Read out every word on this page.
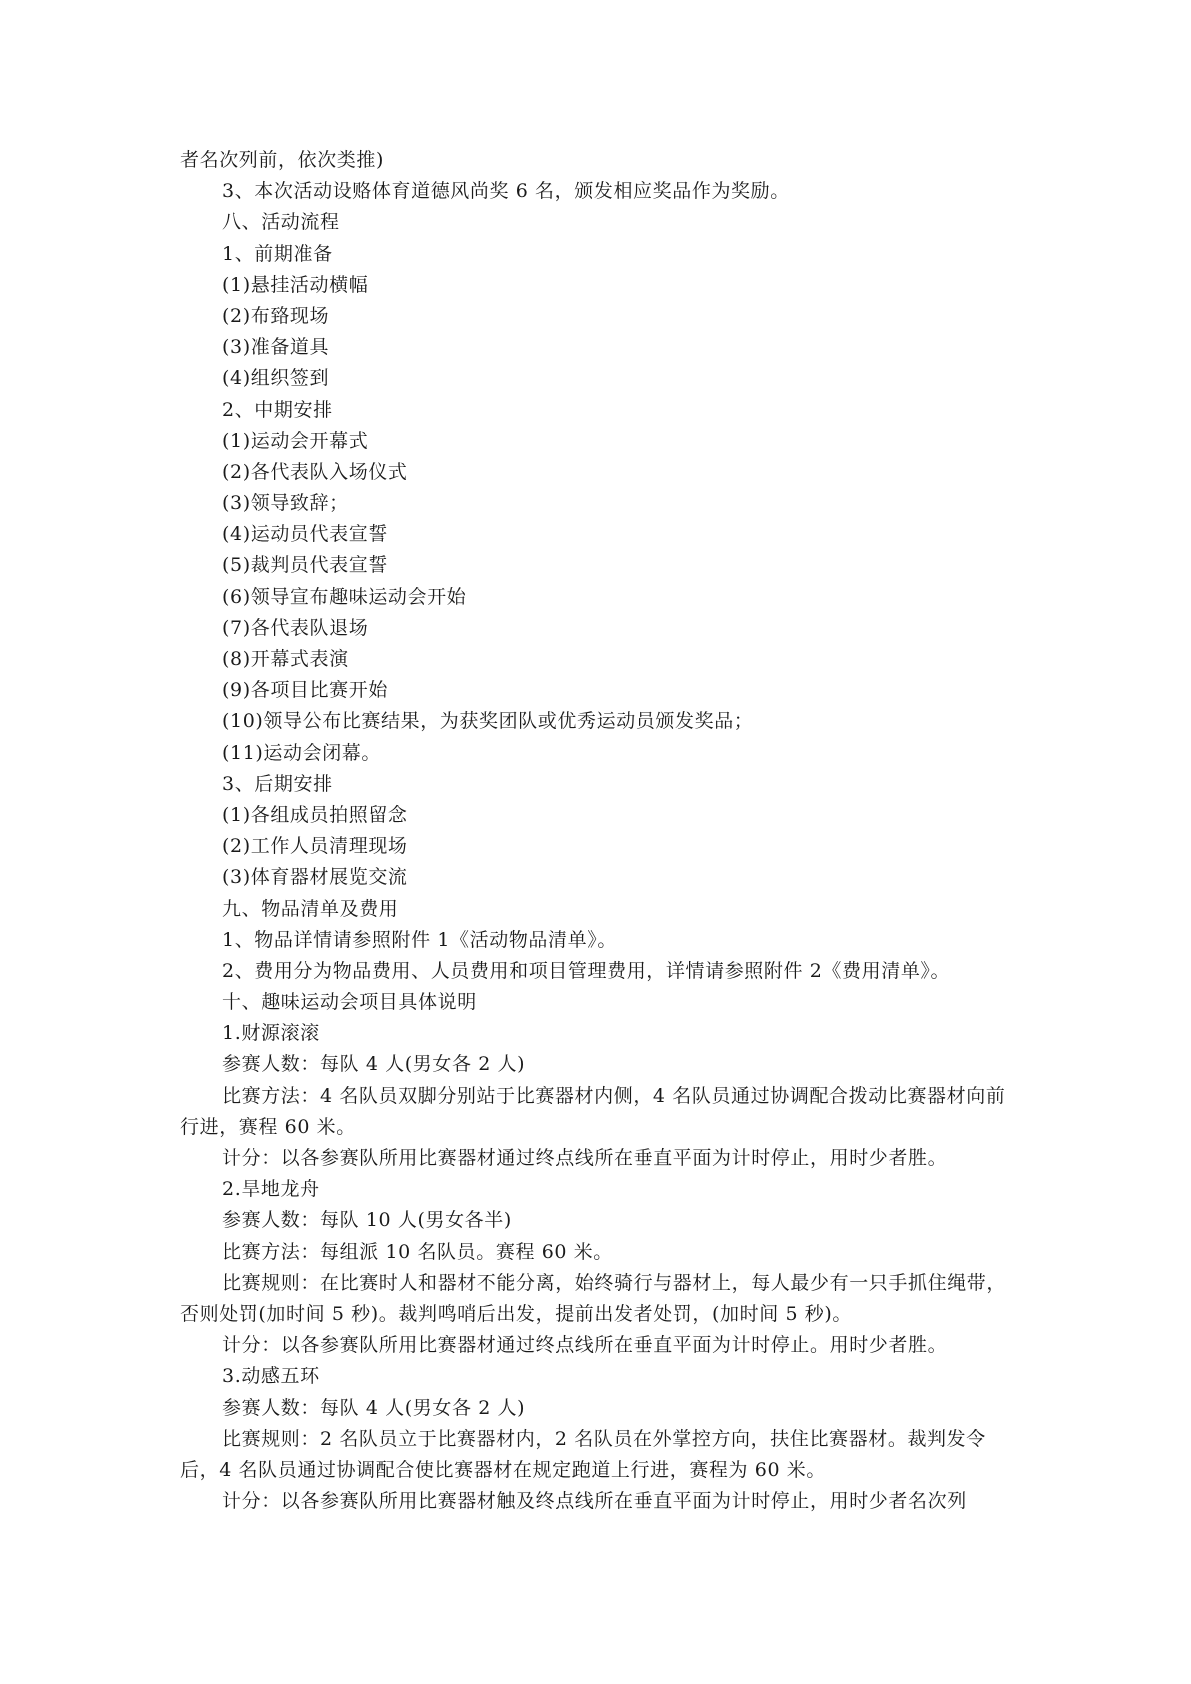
者名次列前，依次类推)
3、本次活动设赂体育道德风尚奖 6 名，颁发相应奖品作为奖励。
八、活动流程
1、前期准备
(1)悬挂活动横幅
(2)布臵现场
(3)准备道具
(4)组织签到
2、中期安排
(1)运动会开幕式
(2)各代表队入场仪式
(3)领导致辞；
(4)运动员代表宣誓
(5)裁判员代表宣誓
(6)领导宣布趣味运动会开始
(7)各代表队退场
(8)开幕式表演
(9)各项目比赛开始
(10)领导公布比赛结果，为获奖团队或优秀运动员颁发奖品；
(11)运动会闭幕。
3、后期安排
(1)各组成员拍照留念
(2)工作人员清理现场
(3)体育器材展览交流
九、物品清单及费用
1、物品详情请参照附件 1《活动物品清单》。
2、费用分为物品费用、人员费用和项目管理费用，详情请参照附件 2《费用清单》。
十、趣味运动会项目具体说明
1.财源滚滚
参赛人数：每队 4 人(男女各 2 人)
比赛方法：4 名队员双脚分别站于比赛器材内侧，4 名队员通过协调配合拨动比赛器材向前行进，赛程 60 米。
计分：以各参赛队所用比赛器材通过终点线所在垂直平面为计时停止，用时少者胜。
2.旱地龙舟
参赛人数：每队 10 人(男女各半)
比赛方法：每组派 10 名队员。赛程 60 米。
比赛规则：在比赛时人和器材不能分离，始终骑行与器材上，每人最少有一只手抓住绳带，否则处罚(加时间 5 秒)。裁判鸣哨后出发，提前出发者处罚，(加时间 5 秒)。
计分：以各参赛队所用比赛器材通过终点线所在垂直平面为计时停止。用时少者胜。
3.动感五环
参赛人数：每队 4 人(男女各 2 人)
比赛规则：2 名队员立于比赛器材内，2 名队员在外掌控方向，扶住比赛器材。裁判发令后，4 名队员通过协调配合使比赛器材在规定跑道上行进，赛程为 60 米。
计分：以各参赛队所用比赛器材触及终点线所在垂直平面为计时停止，用时少者名次列
